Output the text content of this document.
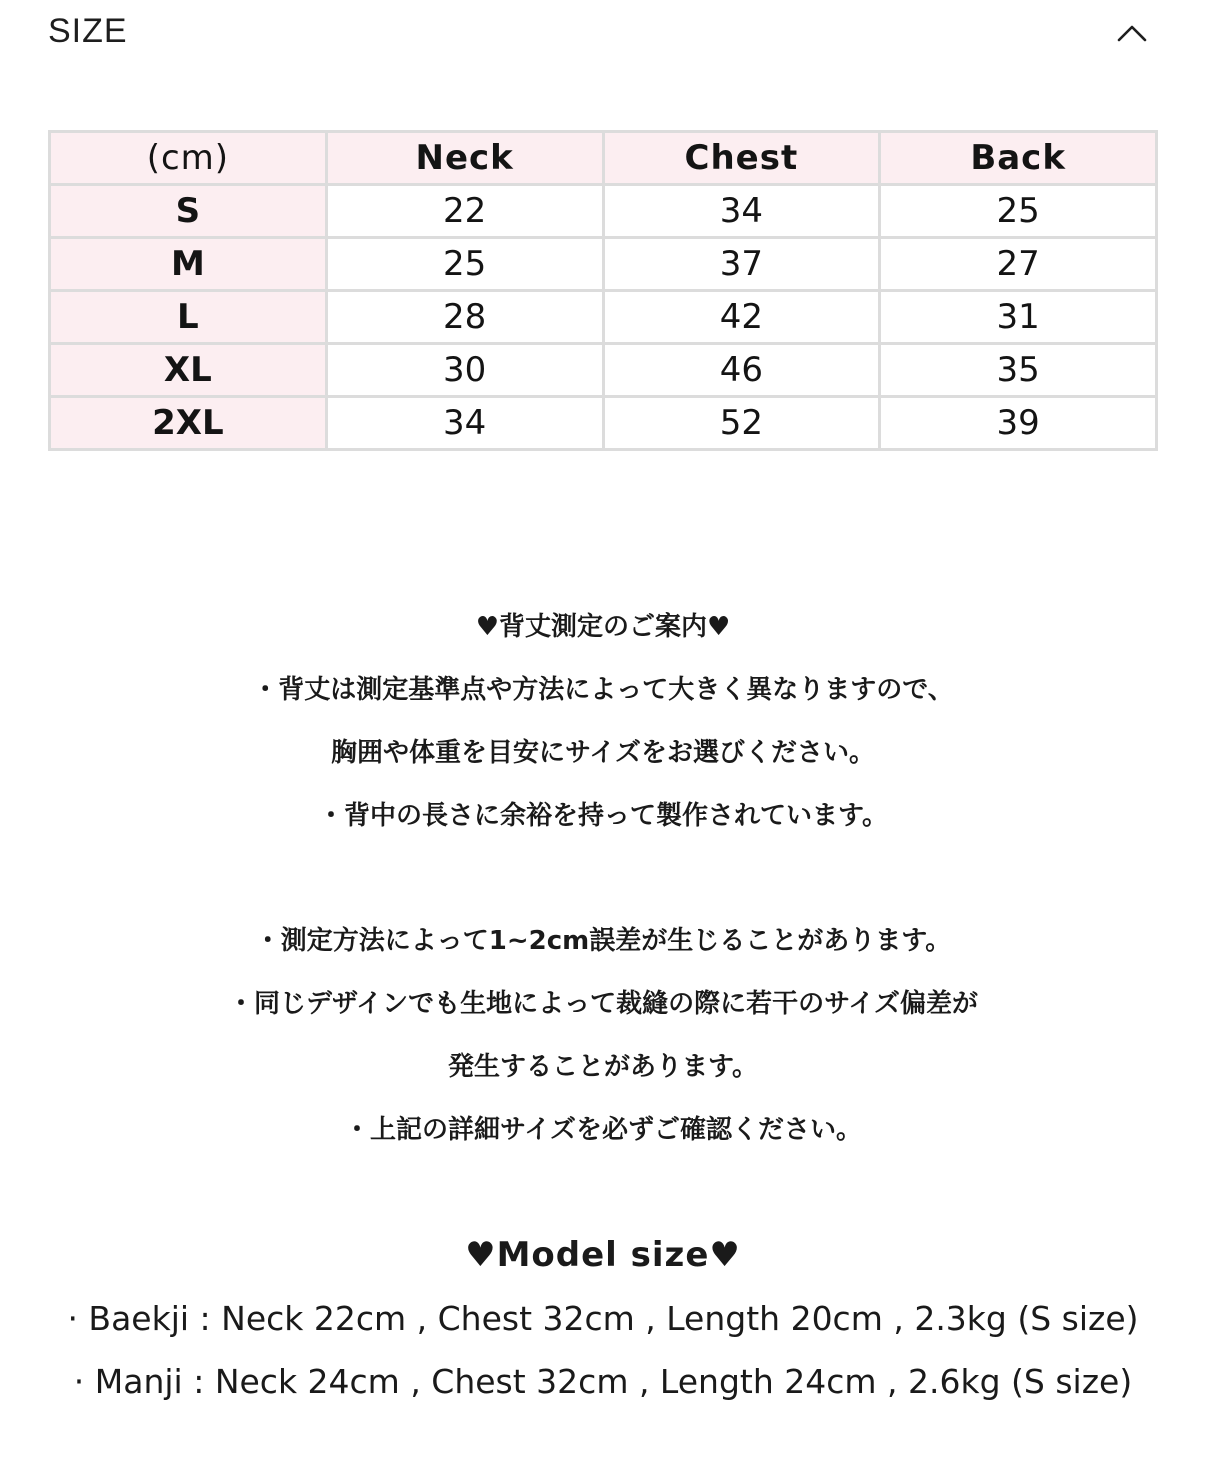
SIZE
(cm)	Neck	Chest	Back
S	22	34	25
M	25	37	27
L	28	42	31
XL	30	46	35
2XL	34	52	39
♥背丈測定のご案内♥
・背丈は測定基準点や方法によって大きく異なりますので、
胸囲や体重を目安にサイズをお選びください。
・背中の長さに余裕を持って製作されています。
・測定方法によって1~2cm誤差が生じることがあります。
・同じデザインでも生地によって裁縫の際に若干のサイズ偏差が
発生することがあります。
・上記の詳細サイズを必ずご確認ください。
♥Model size♥
· Baekji : Neck 22cm , Chest 32cm , Length 20cm , 2.3kg (S size)
· Manji : Neck 24cm , Chest 32cm , Length 24cm , 2.6kg (S size)
